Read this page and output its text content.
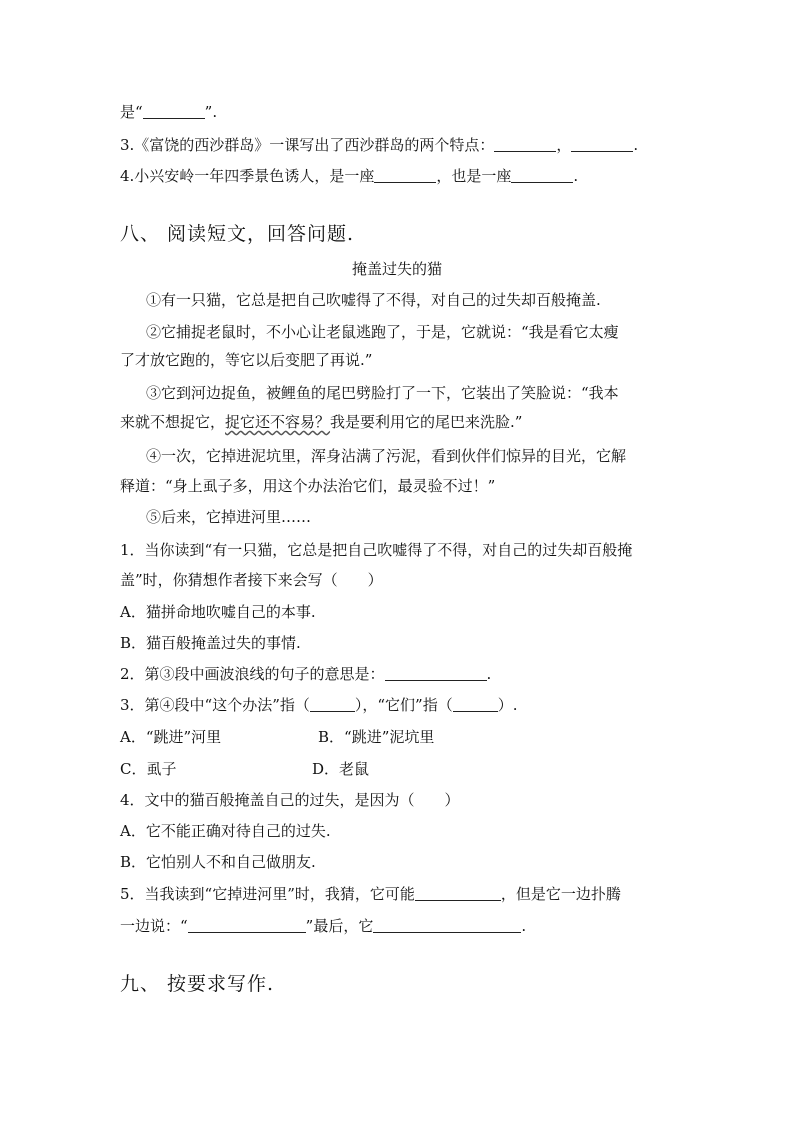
是“	”.
3.《富饶的西沙群岛》一课写出了西沙群岛的两个特点：	，	.
4.小兴安岭一年四季景色诱人，是一座	，也是一座	.
八、 阅读短文，回答问题.
掩盖过失的猫
①有一只猫，它总是把自己吹嘘得了不得，对自己的过失却百般掩盖.
②它捕捉老鼠时，不小心让老鼠逃跑了，于是，它就说：“我是看它太瘦
了才放它跑的，等它以后变肥了再说.”
③它到河边捉鱼，被鲤鱼的尾巴劈脸打了一下，它装出了笑脸说：“我本
来就不想捉它，捉它还不容易？我是要利用它的尾巴来洗脸.”
④一次，它掉进泥坑里，浑身沾满了污泥，看到伙伴们惊异的目光，它解
释道：“身上虱子多，用这个办法治它们，最灵验不过！”
⑤后来，它掉进河里……
1．当你读到“有一只猫，它总是把自己吹嘘得了不得，对自己的过失却百般掩
盖”时，你猜想作者接下来会写（　　）
A．猫拼命地吹嘘自己的本事.
B．猫百般掩盖过失的事情.
2．第③段中画波浪线的句子的意思是：	.
3．第④段中“这个办法”指（	），“它们”指（	）.
A．“跳进”河里	B．“跳进”泥坑里
C．虱子	D．老鼠
4．文中的猫百般掩盖自己的过失，是因为（　　）
A．它不能正确对待自己的过失.
B．它怕别人不和自己做朋友.
5．当我读到“它掉进河里”时，我猜，它可能	，但是它一边扑腾
一边说：“	”最后，它	.
九、 按要求写作.
